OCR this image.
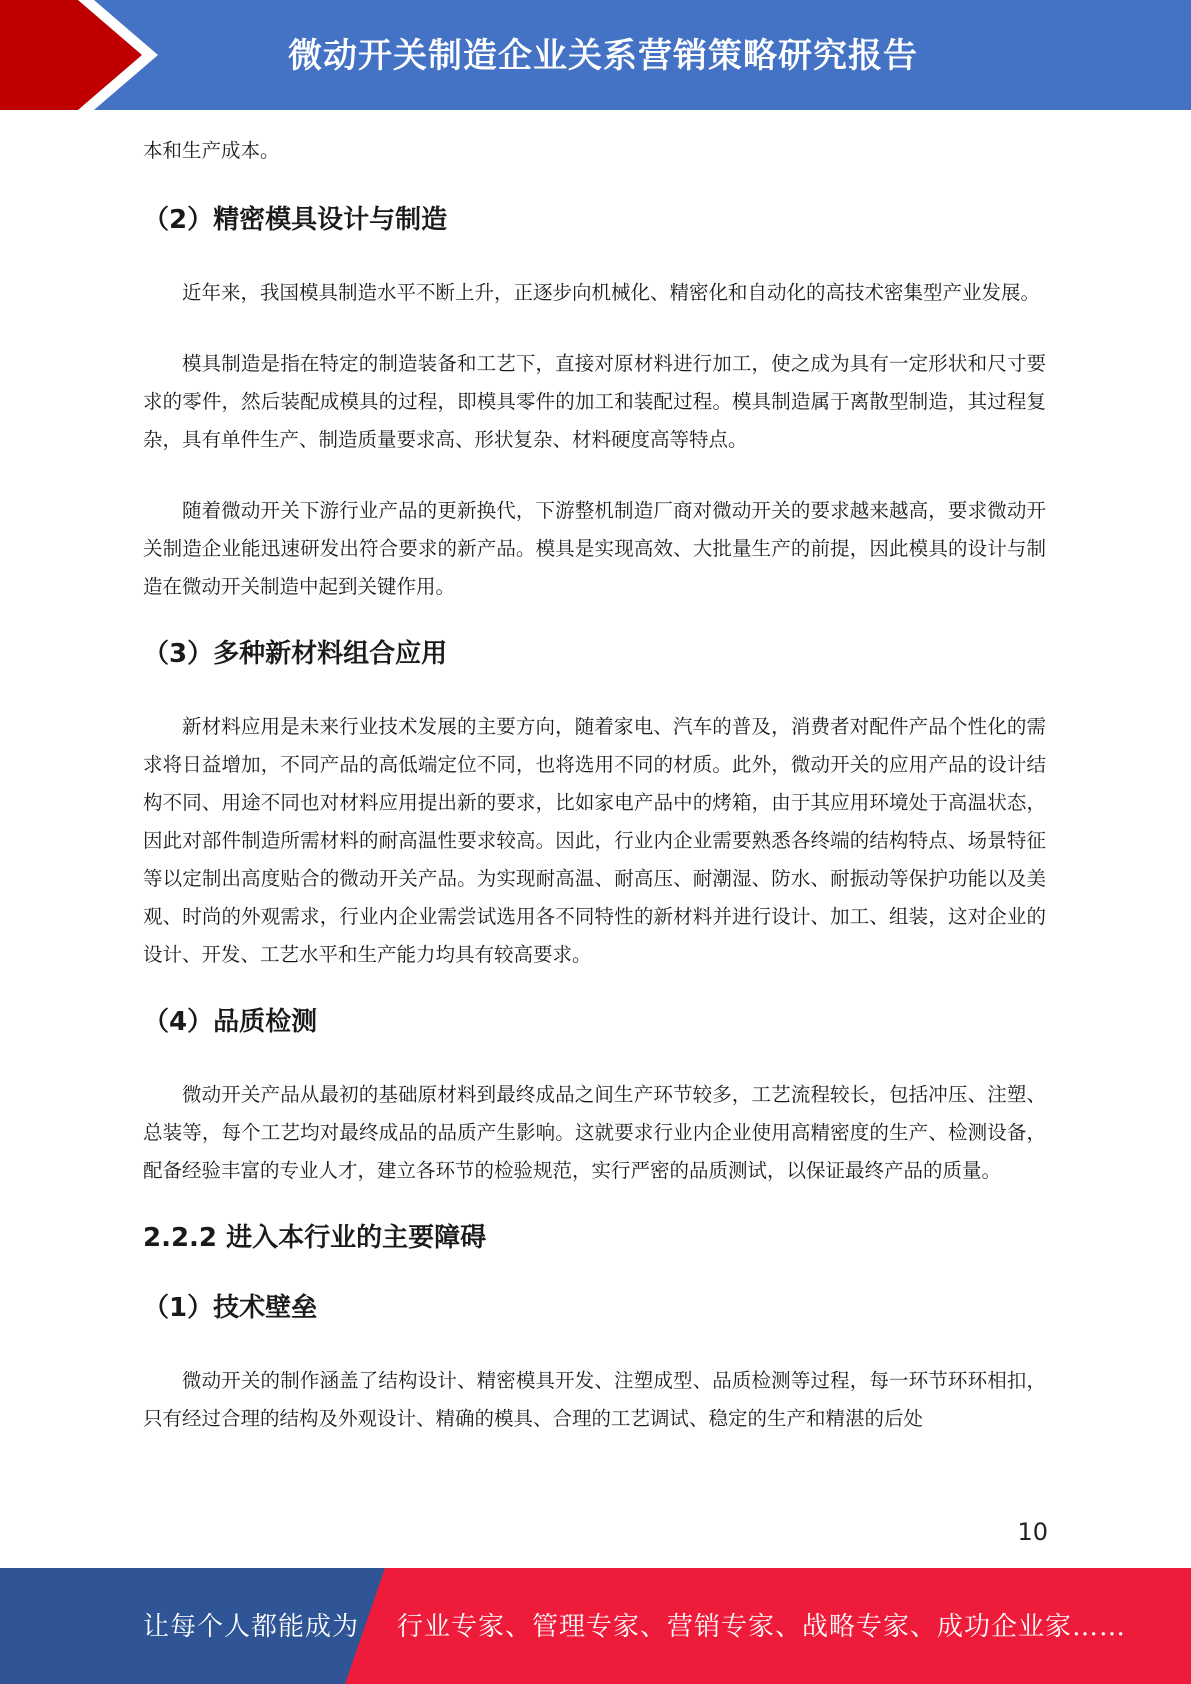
微动开关制造企业关系营销策略研究报告

本和生产成本。

（2）精密模具设计与制造

近年来，我国模具制造水平不断上升，正逐步向机械化、精密化和自动化的高技术密集型产业发展。

模具制造是指在特定的制造装备和工艺下，直接对原材料进行加工，使之成为具有一定形状和尺寸要求的零件，然后装配成模具的过程，即模具零件的加工和装配过程。模具制造属于离散型制造，其过程复杂，具有单件生产、制造质量要求高、形状复杂、材料硬度高等特点。

随着微动开关下游行业产品的更新换代，下游整机制造厂商对微动开关的要求越来越高，要求微动开关制造企业能迅速研发出符合要求的新产品。模具是实现高效、大批量生产的前提，因此模具的设计与制造在微动开关制造中起到关键作用。

（3）多种新材料组合应用

新材料应用是未来行业技术发展的主要方向，随着家电、汽车的普及，消费者对配件产品个性化的需求将日益增加，不同产品的高低端定位不同，也将选用不同的材质。此外，微动开关的应用产品的设计结构不同、用途不同也对材料应用提出新的要求，比如家电产品中的烤箱，由于其应用环境处于高温状态，因此对部件制造所需材料的耐高温性要求较高。因此，行业内企业需要熟悉各终端的结构特点、场景特征等以定制出高度贴合的微动开关产品。为实现耐高温、耐高压、耐潮湿、防水、耐振动等保护功能以及美观、时尚的外观需求，行业内企业需尝试选用各不同特性的新材料并进行设计、加工、组装，这对企业的设计、开发、工艺水平和生产能力均具有较高要求。

（4）品质检测

微动开关产品从最初的基础原材料到最终成品之间生产环节较多，工艺流程较长，包括冲压、注塑、总装等，每个工艺均对最终成品的品质产生影响。这就要求行业内企业使用高精密度的生产、检测设备，配备经验丰富的专业人才，建立各环节的检验规范，实行严密的品质测试，以保证最终产品的质量。

2.2.2 进入本行业的主要障碍
（1）技术壁垒

微动开关的制作涵盖了结构设计、精密模具开发、注塑成型、品质检测等过程，每一环节环环相扣，只有经过合理的结构及外观设计、精确的模具、合理的工艺调试、稳定的生产和精湛的后处

10
让每个人都能成为 行业专家、管理专家、营销专家、战略专家、成功企业家……
